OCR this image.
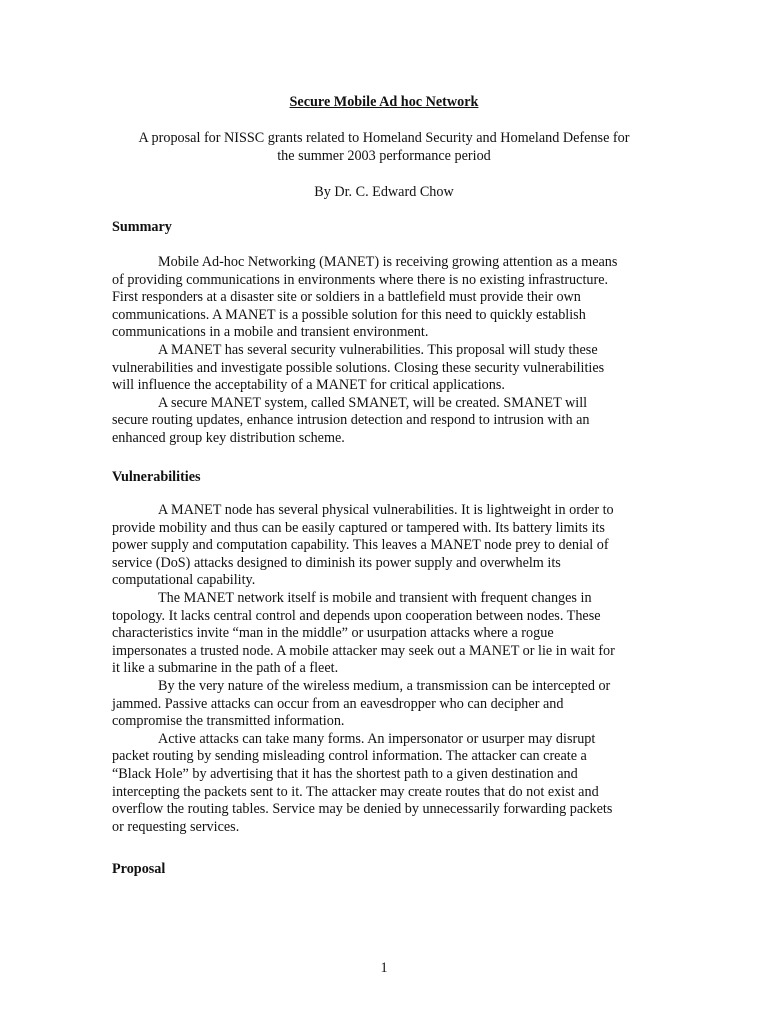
Secure Mobile Ad hoc Network
A proposal for NISSC grants related to Homeland Security and Homeland Defense for
the summer 2003 performance period
By Dr. C. Edward Chow
Summary
Mobile Ad-hoc Networking (MANET) is receiving growing attention as a means
of providing communications in environments where there is no existing infrastructure.
First responders at a disaster site or soldiers in a battlefield must provide their own
communications. A MANET is a possible solution for this need to quickly establish
communications in a mobile and transient environment.
A MANET has several security vulnerabilities. This proposal will study these
vulnerabilities and investigate possible solutions. Closing these security vulnerabilities
will influence the acceptability of a MANET for critical applications.
A secure MANET system, called SMANET, will be created. SMANET will
secure routing updates, enhance intrusion detection and respond to intrusion with an
enhanced group key distribution scheme.
Vulnerabilities
A MANET node has several physical vulnerabilities. It is lightweight in order to
provide mobility and thus can be easily captured or tampered with. Its battery limits its
power supply and computation capability. This leaves a MANET node prey to denial of
service (DoS) attacks designed to diminish its power supply and overwhelm its
computational capability.
The MANET network itself is mobile and transient with frequent changes in
topology. It lacks central control and depends upon cooperation between nodes. These
characteristics invite “man in the middle” or usurpation attacks where a rogue
impersonates a trusted node. A mobile attacker may seek out a MANET or lie in wait for
it like a submarine in the path of a fleet.
By the very nature of the wireless medium, a transmission can be intercepted or
jammed. Passive attacks can occur from an eavesdropper who can decipher and
compromise the transmitted information.
Active attacks can take many forms. An impersonator or usurper may disrupt
packet routing by sending misleading control information. The attacker can create a
“Black Hole” by advertising that it has the shortest path to a given destination and
intercepting the packets sent to it. The attacker may create routes that do not exist and
overflow the routing tables. Service may be denied by unnecessarily forwarding packets
or requesting services.
Proposal
1
